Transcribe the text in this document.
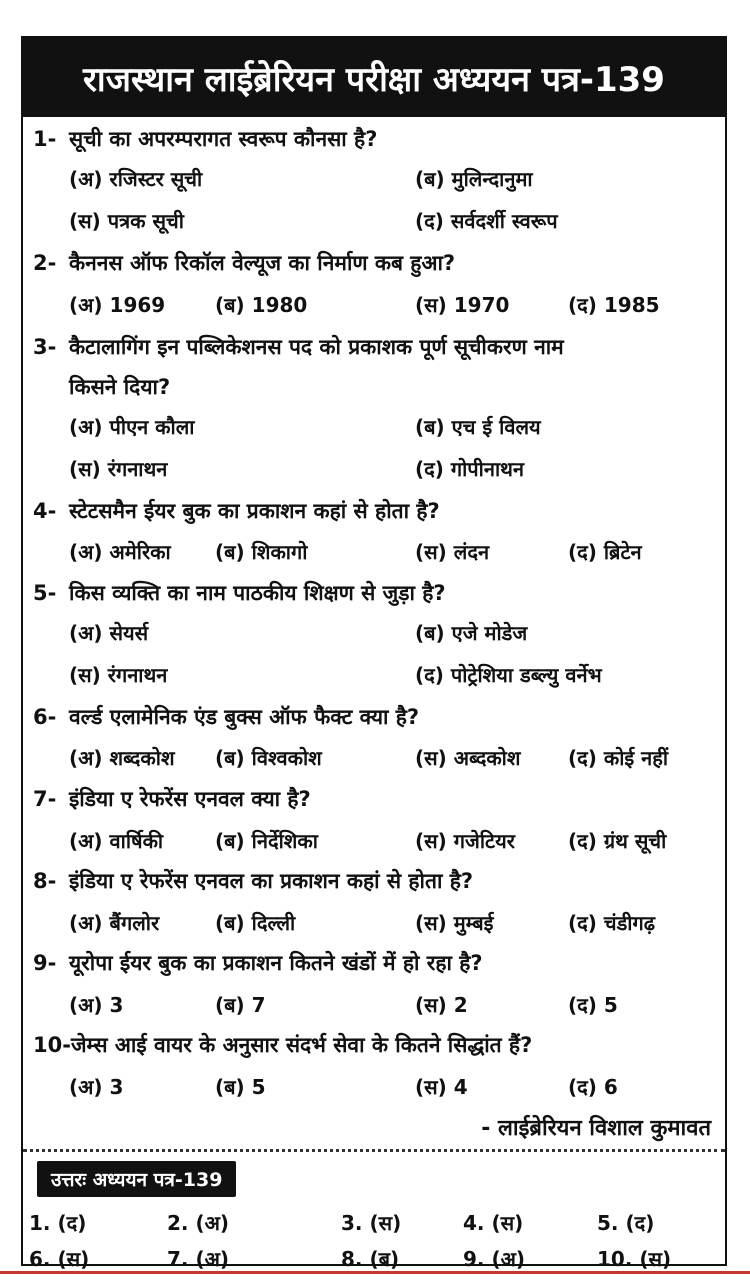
राजस्थान लाईब्रेरियन परीक्षा अध्ययन पत्र-139
1- सूची का अपरम्परागत स्वरूप कौनसा है?
(अ) रजिस्टर सूची	(ब) मुलिन्दानुमा
(स) पत्रक सूची	(द) सर्वदर्शी स्वरूप
2- कैननस ऑफ रिकॉल वेल्यूज का निर्माण कब हुआ?
(अ) 1969 (ब) 1980	(स) 1970	(द) 1985
3- कैटालागिंग इन पब्लिकेशनस पद को प्रकाशक पूर्ण सूचीकरण नाम
किसने दिया?
(अ) पीएन कौला	(ब) एच ई विलय
(स) रंगनाथन	(द) गोपीनाथन
4- स्टेटसमैन ईयर बुक का प्रकाशन कहां से होता है?
(अ) अमेरिका (ब) शिकागो	(स) लंदन	(द) ब्रिटेन
5- किस व्यक्ति का नाम पाठकीय शिक्षण से जुड़ा है?
(अ) सेयर्स	(ब) एजे मोडेज
(स) रंगनाथन	(द) पोट्रेशिया डब्ल्यु वर्नेभ
6- वर्ल्ड एलामेनिक एंड बुक्स ऑफ फैक्ट क्या है?
(अ) शब्दकोश (ब) विश्वकोश	(स) अब्दकोश (द) कोई नहीं
7- इंडिया ए रेफरेंस एनवल क्या है?
(अ) वार्षिकी	(ब) निर्देशिका	(स) गजेटियर	(द) ग्रंथ सूची
8- इंडिया ए रेफरेंस एनवल का प्रकाशन कहां से होता है?
(अ) बैंगलोर	(ब) दिल्ली	(स) मुम्बई	(द) चंडीगढ़
9- यूरोपा ईयर बुक का प्रकाशन कितने खंडों में हो रहा है?
(अ) 3	(ब) 7	(स) 2	(द) 5
10-जेम्स आई वायर के अनुसार संदर्भ सेवा के कितने सिद्धांत हैं?
(अ) 3	(ब) 5	(स) 4	(द) 6
- लाईब्रेरियन विशाल कुमावत
उत्तरः अध्ययन पत्र-139
1. (द)	2. (अ)	3. (स)	4. (स)	5. (द)
6. (स)	7. (अ)	8. (ब)	9. (अ)	10. (स)
